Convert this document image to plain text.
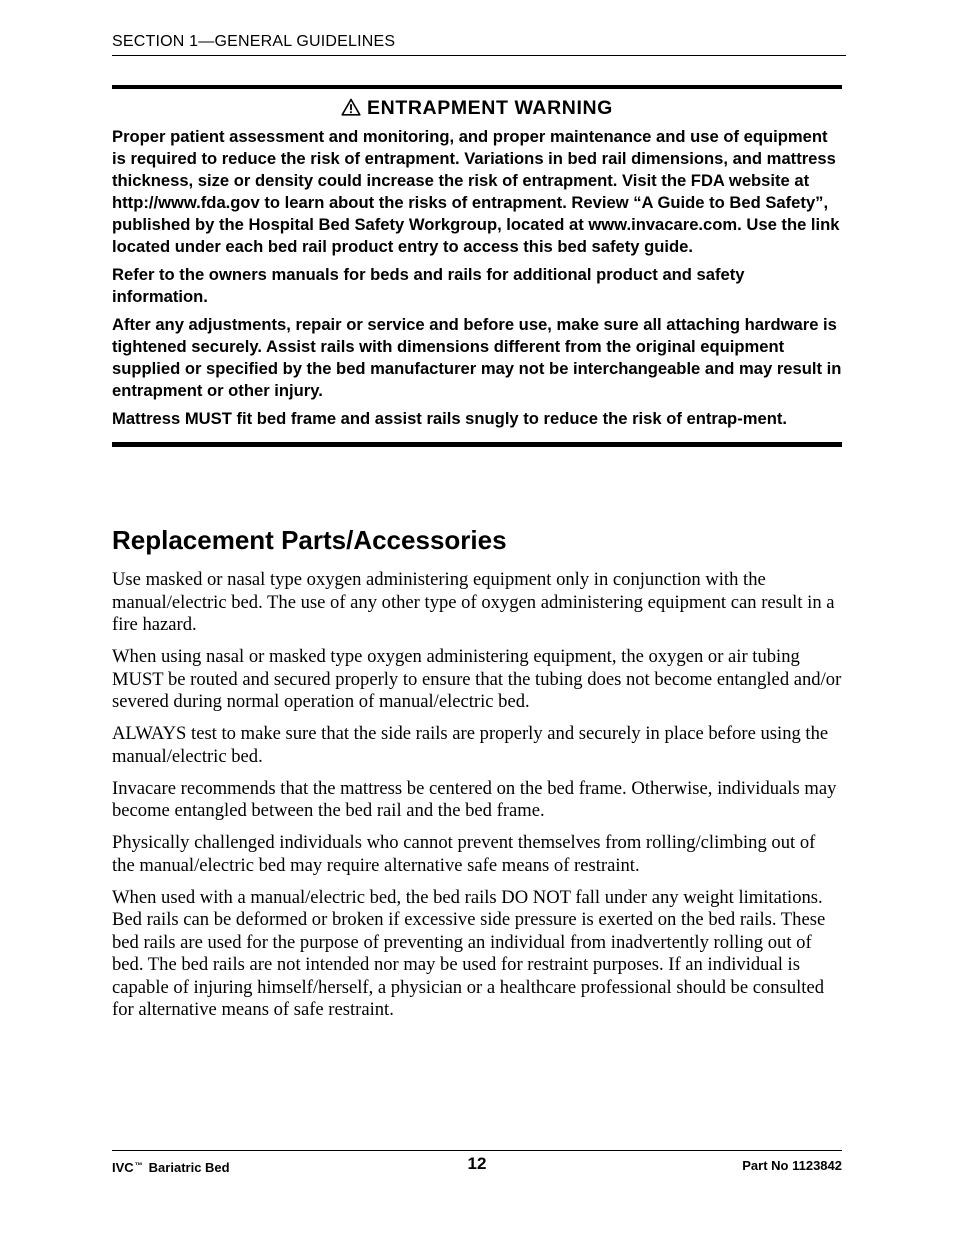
SECTION 1—GENERAL GUIDELINES
ENTRAPMENT WARNING

Proper patient assessment and monitoring, and proper maintenance and use of equipment is required to reduce the risk of entrapment. Variations in bed rail dimensions, and mattress thickness, size or density could increase the risk of entrapment. Visit the FDA website at http://www.fda.gov to learn about the risks of entrapment. Review “A Guide to Bed Safety”, published by the Hospital Bed Safety Workgroup, located at www.invacare.com. Use the link located under each bed rail product entry to access this bed safety guide.

Refer to the owners manuals for beds and rails for additional product and safety information.

After any adjustments, repair or service and before use, make sure all attaching hardware is tightened securely. Assist rails with dimensions different from the original equipment supplied or specified by the bed manufacturer may not be interchangeable and may result in entrapment or other injury.

Mattress MUST fit bed frame and assist rails snugly to reduce the risk of entrap-ment.

Replacement Parts/Accessories

Use masked or nasal type oxygen administering equipment only in conjunction with the manual/electric bed. The use of any other type of oxygen administering equipment can result in a fire hazard.

When using nasal or masked type oxygen administering equipment, the oxygen or air tubing MUST be routed and secured properly to ensure that the tubing does not become entangled and/or severed during normal operation of manual/electric bed.

ALWAYS test to make sure that the side rails are properly and securely in place before using the manual/electric bed.

Invacare recommends that the mattress be centered on the bed frame. Otherwise, individuals may become entangled between the bed rail and the bed frame.

Physically challenged individuals who cannot prevent themselves from rolling/climbing out of the manual/electric bed may require alternative safe means of restraint.

When used with a manual/electric bed, the bed rails DO NOT fall under any weight limitations. Bed rails can be deformed or broken if excessive side pressure is exerted on the bed rails. These bed rails are used for the purpose of preventing an individual from inadvertently rolling out of bed. The bed rails are not intended nor may be used for restraint purposes. If an individual is capable of injuring himself/herself, a physician or a healthcare professional should be consulted for alternative means of safe restraint.

IVC™ Bariatric Bed	12	Part No 1123842
